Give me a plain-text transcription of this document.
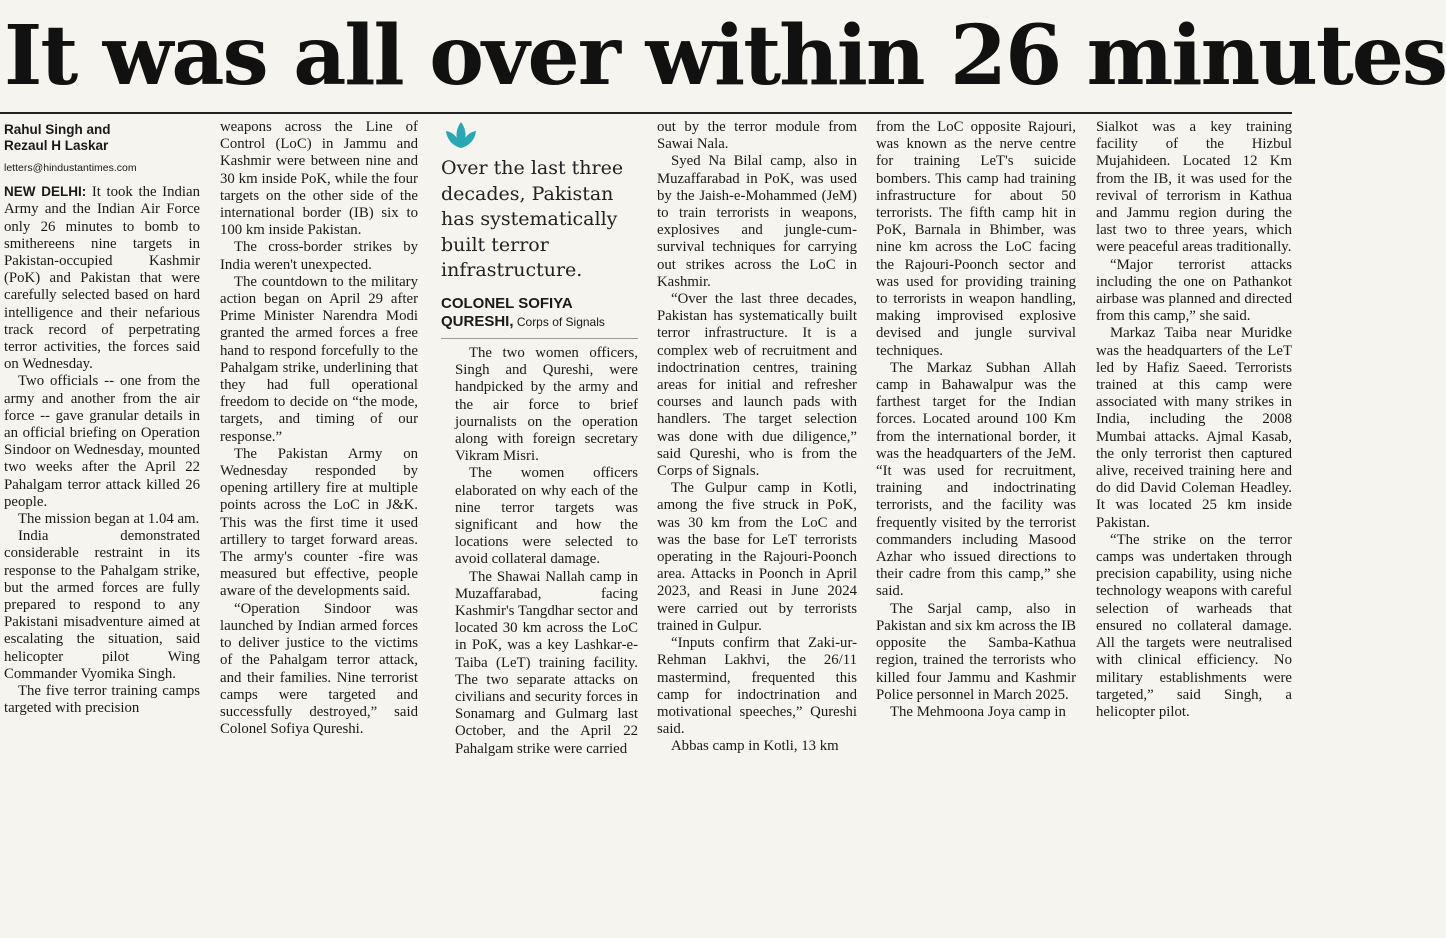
It was all over within 26 minutes
Rahul Singh and
Rezaul H Laskar
letters@hindustantimes.com

NEW DELHI: It took the Indian Army and the Indian Air Force only 26 minutes to bomb to smithereens nine targets in Pakistan-occupied Kashmir (PoK) and Pakistan that were carefully selected based on hard intelligence and their nefarious track record of perpetrating terror activities, the forces said on Wednesday.

Two officials -- one from the army and another from the air force -- gave granular details in an official briefing on Operation Sindoor on Wednesday, mounted two weeks after the April 22 Pahalgam terror attack killed 26 people.

The mission began at 1.04 am.

India demonstrated considerable restraint in its response to the Pahalgam strike, but the armed forces are fully prepared to respond to any Pakistani misadventure aimed at escalating the situation, said helicopter pilot Wing Commander Vyomika Singh.

The five terror training camps targeted with precision

weapons across the Line of Control (LoC) in Jammu and Kashmir were between nine and 30 km inside PoK, while the four targets on the other side of the international border (IB) six to 100 km inside Pakistan.

The cross-border strikes by India weren't unexpected.

The countdown to the military action began on April 29 after Prime Minister Narendra Modi granted the armed forces a free hand to respond forcefully to the Pahalgam strike, underlining that they had full operational freedom to decide on “the mode, targets, and timing of our response.”

The Pakistan Army on Wednesday responded by opening artillery fire at multiple points across the LoC in J&K. This was the first time it used artillery to target forward areas. The army's counter -fire was measured but effective, people aware of the developments said.

“Operation Sindoor was launched by Indian armed forces to deliver justice to the victims of the Pahalgam terror attack, and their families. Nine terrorist camps were targeted and successfully destroyed,” said Colonel Sofiya Qureshi.

Over the last three decades, Pakistan has systematically built terror infrastructure.

COLONEL SOFIYA
QURESHI, Corps of Signals

The two women officers, Singh and Qureshi, were handpicked by the army and the air force to brief journalists on the operation along with foreign secretary Vikram Misri.

The women officers elaborated on why each of the nine terror targets was significant and how the locations were selected to avoid collateral damage.

The Shawai Nallah camp in Muzaffarabad, facing Kashmir's Tangdhar sector and located 30 km across the LoC in PoK, was a key Lashkar-e-Taiba (LeT) training facility. The two separate attacks on civilians and security forces in Sonamarg and Gulmarg last October, and the April 22 Pahalgam strike were carried

out by the terror module from Sawai Nala.

Syed Na Bilal camp, also in Muzaffarabad in PoK, was used by the Jaish-e-Mohammed (JeM) to train terrorists in weapons, explosives and jungle-cum-survival techniques for carrying out strikes across the LoC in Kashmir.

“Over the last three decades, Pakistan has systematically built terror infrastructure. It is a complex web of recruitment and indoctrination centres, training areas for initial and refresher courses and launch pads with handlers. The target selection was done with due diligence,” said Qureshi, who is from the Corps of Signals.

The Gulpur camp in Kotli, among the five struck in PoK, was 30 km from the LoC and was the base for LeT terrorists operating in the Rajouri-Poonch area. Attacks in Poonch in April 2023, and Reasi in June 2024 were carried out by terrorists trained in Gulpur.

“Inputs confirm that Zaki-ur-Rehman Lakhvi, the 26/11 mastermind, frequented this camp for indoctrination and motivational speeches,” Qureshi said.

Abbas camp in Kotli, 13 km

from the LoC opposite Rajouri, was known as the nerve centre for training LeT's suicide bombers. This camp had training infrastructure for about 50 terrorists. The fifth camp hit in PoK, Barnala in Bhimber, was nine km across the LoC facing the Rajouri-Poonch sector and was used for providing training to terrorists in weapon handling, making improvised explosive devised and jungle survival techniques.

The Markaz Subhan Allah camp in Bahawalpur was the farthest target for the Indian forces. Located around 100 Km from the international border, it was the headquarters of the JeM. “It was used for recruitment, training and indoctrinating terrorists, and the facility was frequently visited by the terrorist commanders including Masood Azhar who issued directions to their cadre from this camp,” she said.

The Sarjal camp, also in Pakistan and six km across the IB opposite the Samba-Kathua region, trained the terrorists who killed four Jammu and Kashmir Police personnel in March 2025.

The Mehmoona Joya camp in

Sialkot was a key training facility of the Hizbul Mujahideen. Located 12 Km from the IB, it was used for the revival of terrorism in Kathua and Jammu region during the last two to three years, which were peaceful areas traditionally.

“Major terrorist attacks including the one on Pathankot airbase was planned and directed from this camp,” she said.

Markaz Taiba near Muridke was the headquarters of the LeT led by Hafiz Saeed. Terrorists trained at this camp were associated with many strikes in India, including the 2008 Mumbai attacks. Ajmal Kasab, the only terrorist then captured alive, received training here and do did David Coleman Headley. It was located 25 km inside Pakistan.

“The strike on the terror camps was undertaken through precision capability, using niche technology weapons with careful selection of warheads that ensured no collateral damage. All the targets were neutralised with clinical efficiency. No military establishments were targeted,” said Singh, a helicopter pilot.
